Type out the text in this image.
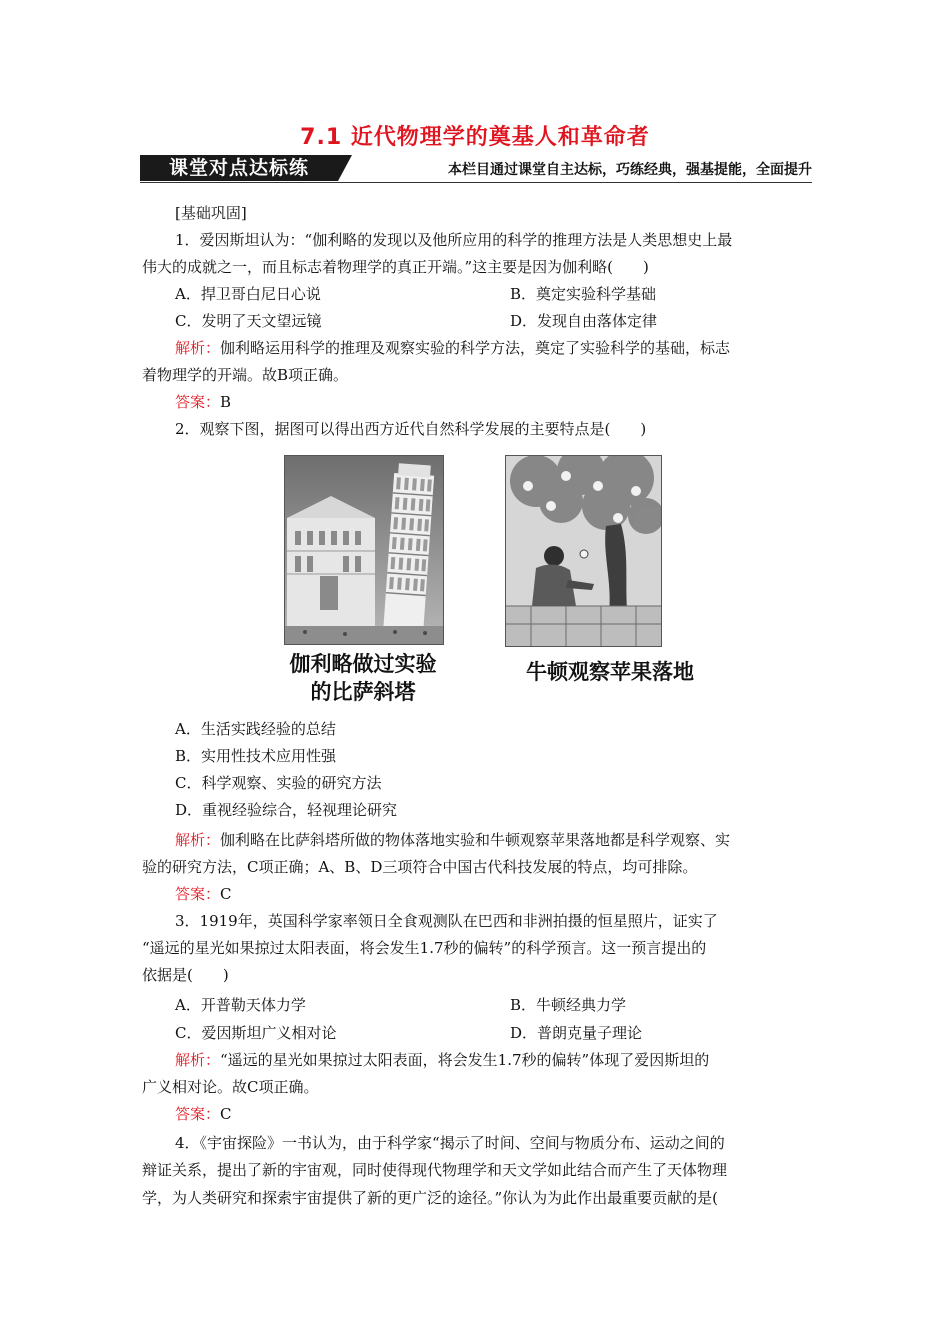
7.1 近代物理学的奠基人和革命者
课堂对点达标练	本栏目通过课堂自主达标，巧练经典，强基提能，全面提升
[基础巩固]
1．爱因斯坦认为：“伽利略的发现以及他所应用的科学的推理方法是人类思想史上最
伟大的成就之一，而且标志着物理学的真正开端。”这主要是因为伽利略(　　)
A．捍卫哥白尼日心说	B．奠定实验科学基础
C．发明了天文望远镜	D．发现自由落体定律
解析：伽利略运用科学的推理及观察实验的科学方法，奠定了实验科学的基础，标志
着物理学的开端。故B项正确。
答案：B
2．观察下图，据图可以得出西方近代自然科学发展的主要特点是(　　)
伽利略做过实验
的比萨斜塔
牛顿观察苹果落地
A．生活实践经验的总结
B．实用性技术应用性强
C．科学观察、实验的研究方法
D．重视经验综合，轻视理论研究
解析：伽利略在比萨斜塔所做的物体落地实验和牛顿观察苹果落地都是科学观察、实
验的研究方法，C项正确；A、B、D三项符合中国古代科技发展的特点，均可排除。
答案：C
3．1919年，英国科学家率领日全食观测队在巴西和非洲拍摄的恒星照片，证实了
“遥远的星光如果掠过太阳表面，将会发生1.7秒的偏转”的科学预言。这一预言提出的
依据是(　　)
A．开普勒天体力学	B．牛顿经典力学
C．爱因斯坦广义相对论	D．普朗克量子理论
解析：“遥远的星光如果掠过太阳表面，将会发生1.7秒的偏转”体现了爱因斯坦的
广义相对论。故C项正确。
答案：C
4．《宇宙探险》一书认为，由于科学家“揭示了时间、空间与物质分布、运动之间的
辩证关系，提出了新的宇宙观，同时使得现代物理学和天文学如此结合而产生了天体物理
学，为人类研究和探索宇宙提供了新的更广泛的途径。”你认为为此作出最重要贡献的是(
